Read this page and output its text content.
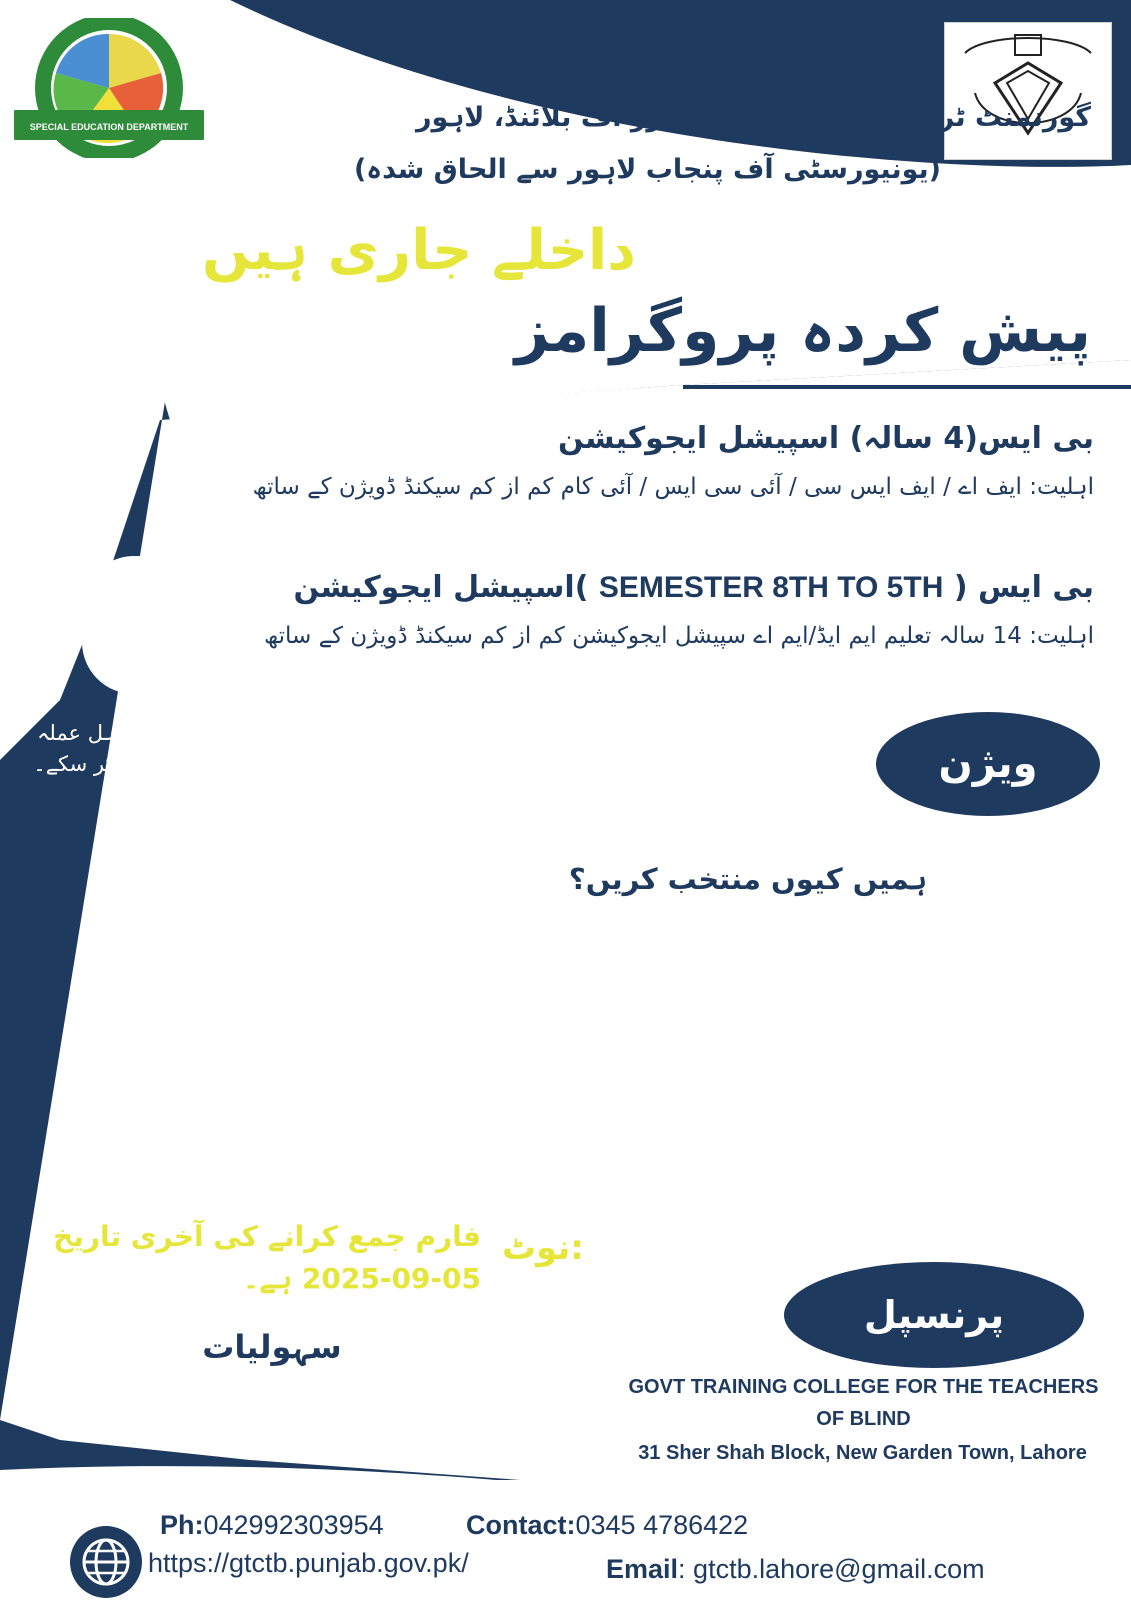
SPECIAL EDUCATION DEPARTMENT	گورنمنٹ ٹریننگ کالج فار دی ٹیچرز آف بلائنڈ، لاہور
(یونیورسٹی آف پنجاب لاہور سے الحاق شدہ)
داخلے جاری ہیں
پیش کردہ پروگرامز
بی ایس(4 سالہ) اسپیشل ایجوکیشن
اہلیت: ایف اے / ایف ایس سی / آئی سی ایس / آئی کام کم از کم سیکنڈ ڈویژن کے ساتھ
بی ایس ( SEMESTER 8TH TO 5TH )اسپیشل ایجوکیشن
اہلیت: 14 سالہ تعلیم ایم ایڈ/ایم اے سپیشل ایجوکیشن کم از کم سیکنڈ ڈویژن کے ساتھ
ماہر خصوصی تعلیم تیار کرنا جو معذوری سے متعلق عملی مہارت رکھتے ہوں۔ ایسے اہل عملہ تیار کرنا جو معذور افراد کی تعلیم، بحالی اور سماجی شمولیت کے فروغ میں کردار ادا کر سکے۔ ویژن
ہمیں کیوں منتخب کریں؟
PPSC اور FPSC ملازمتوں کے لیے اہلیت:
(BPS-16) جونیئر اسپیشل ایجوکیشن ٹیچر
(BPS-17) سینئر اسپیشل ایجوکیشن ٹیچر
ایڈمنسٹریٹر
اسپیچ تھیراپسٹ، کاؤنسلر، شمولیتی استاد، شیڈو ٹیچر
بیرون ملک مواقع
نوٹ:
فارم جمع کرانے کی آخری تاریخ
2025-09-05 ہے۔
پرنسپل
سہولیات
لائبریری | کمپیوٹر لیب | ریسورس روم | لو وژن سینٹر | اسسٹِو ٹیکنالوجی| فرنشڈ آڈیٹوریم
GOVT TRAINING COLLEGE FOR THE TEACHERS
OF BLIND
31 Sher Shah Block, New Garden Town, Lahore
Ph:042992303954	Contact:0345 4786422
https://gtctb.punjab.gov.pk/	Email: gtctb.lahore@gmail.com
